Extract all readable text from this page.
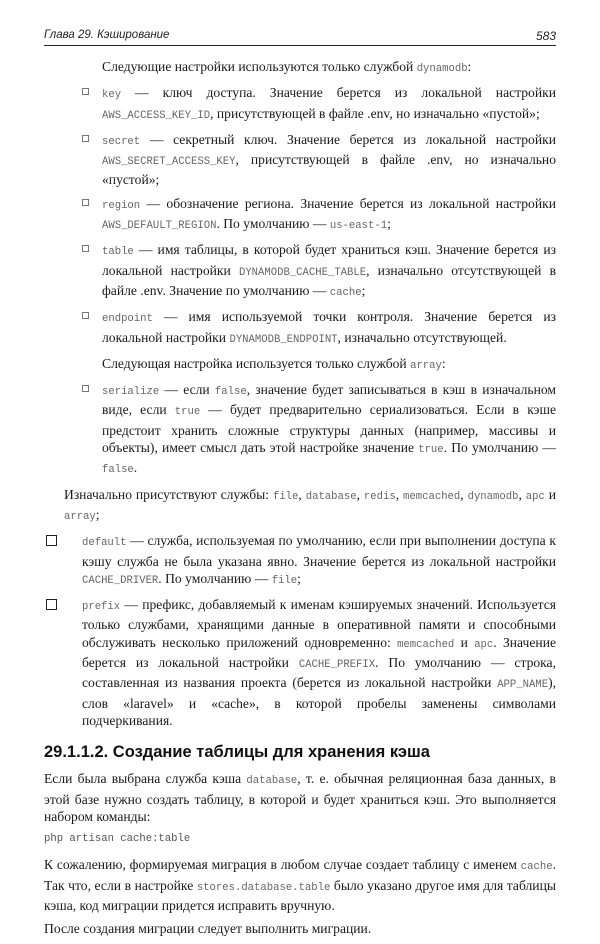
Глава 29. Кэширование	583

Следующие настройки используются только службой dynamodb:

key — ключ доступа. Значение берется из локальной настройки AWS_ACCESS_KEY_ID, присутствующей в файле .env, но изначально «пустой»;

secret — секретный ключ. Значение берется из локальной настройки AWS_SECRET_ACCESS_KEY, присутствующей в файле .env, но изначально «пустой»;

region — обозначение региона. Значение берется из локальной настройки AWS_DEFAULT_REGION. По умолчанию — us-east-1;

table — имя таблицы, в которой будет храниться кэш. Значение берется из локальной настройки DYNAMODB_CACHE_TABLE, изначально отсутствующей в файле .env. Значение по умолчанию — cache;

endpoint — имя используемой точки контроля. Значение берется из локальной настройки DYNAMODB_ENDPOINT, изначально отсутствующей.

Следующая настройка используется только службой array:

serialize — если false, значение будет записываться в кэш в изначальном виде, если true — будет предварительно сериализоваться. Если в кэше предстоит хранить сложные структуры данных (например, массивы и объекты), имеет смысл дать этой настройке значение true. По умолчанию — false.

Изначально присутствуют службы: file, database, redis, memcached, dynamodb, apc и array;

default — служба, используемая по умолчанию, если при выполнении доступа к кэшу служба не была указана явно. Значение берется из локальной настройки CACHE_DRIVER. По умолчанию — file;

prefix — префикс, добавляемый к именам кэшируемых значений. Используется только службами, хранящими данные в оперативной памяти и способными обслуживать несколько приложений одновременно: memcached и apc. Значение берется из локальной настройки CACHE_PREFIX. По умолчанию — строка, составленная из названия проекта (берется из локальной настройки APP_NAME), слов «laravel» и «cache», в которой пробелы заменены символами подчеркивания.

29.1.1.2. Создание таблицы для хранения кэша

Если была выбрана служба кэша database, т. е. обычная реляционная база данных, в этой базе нужно создать таблицу, в которой и будет храниться кэш. Это выполняется набором команды:

php artisan cache:table

К сожалению, формируемая миграция в любом случае создает таблицу с именем cache. Так что, если в настройке stores.database.table было указано другое имя для таблицы кэша, код миграции придется исправить вручную.

После создания миграции следует выполнить миграции.
